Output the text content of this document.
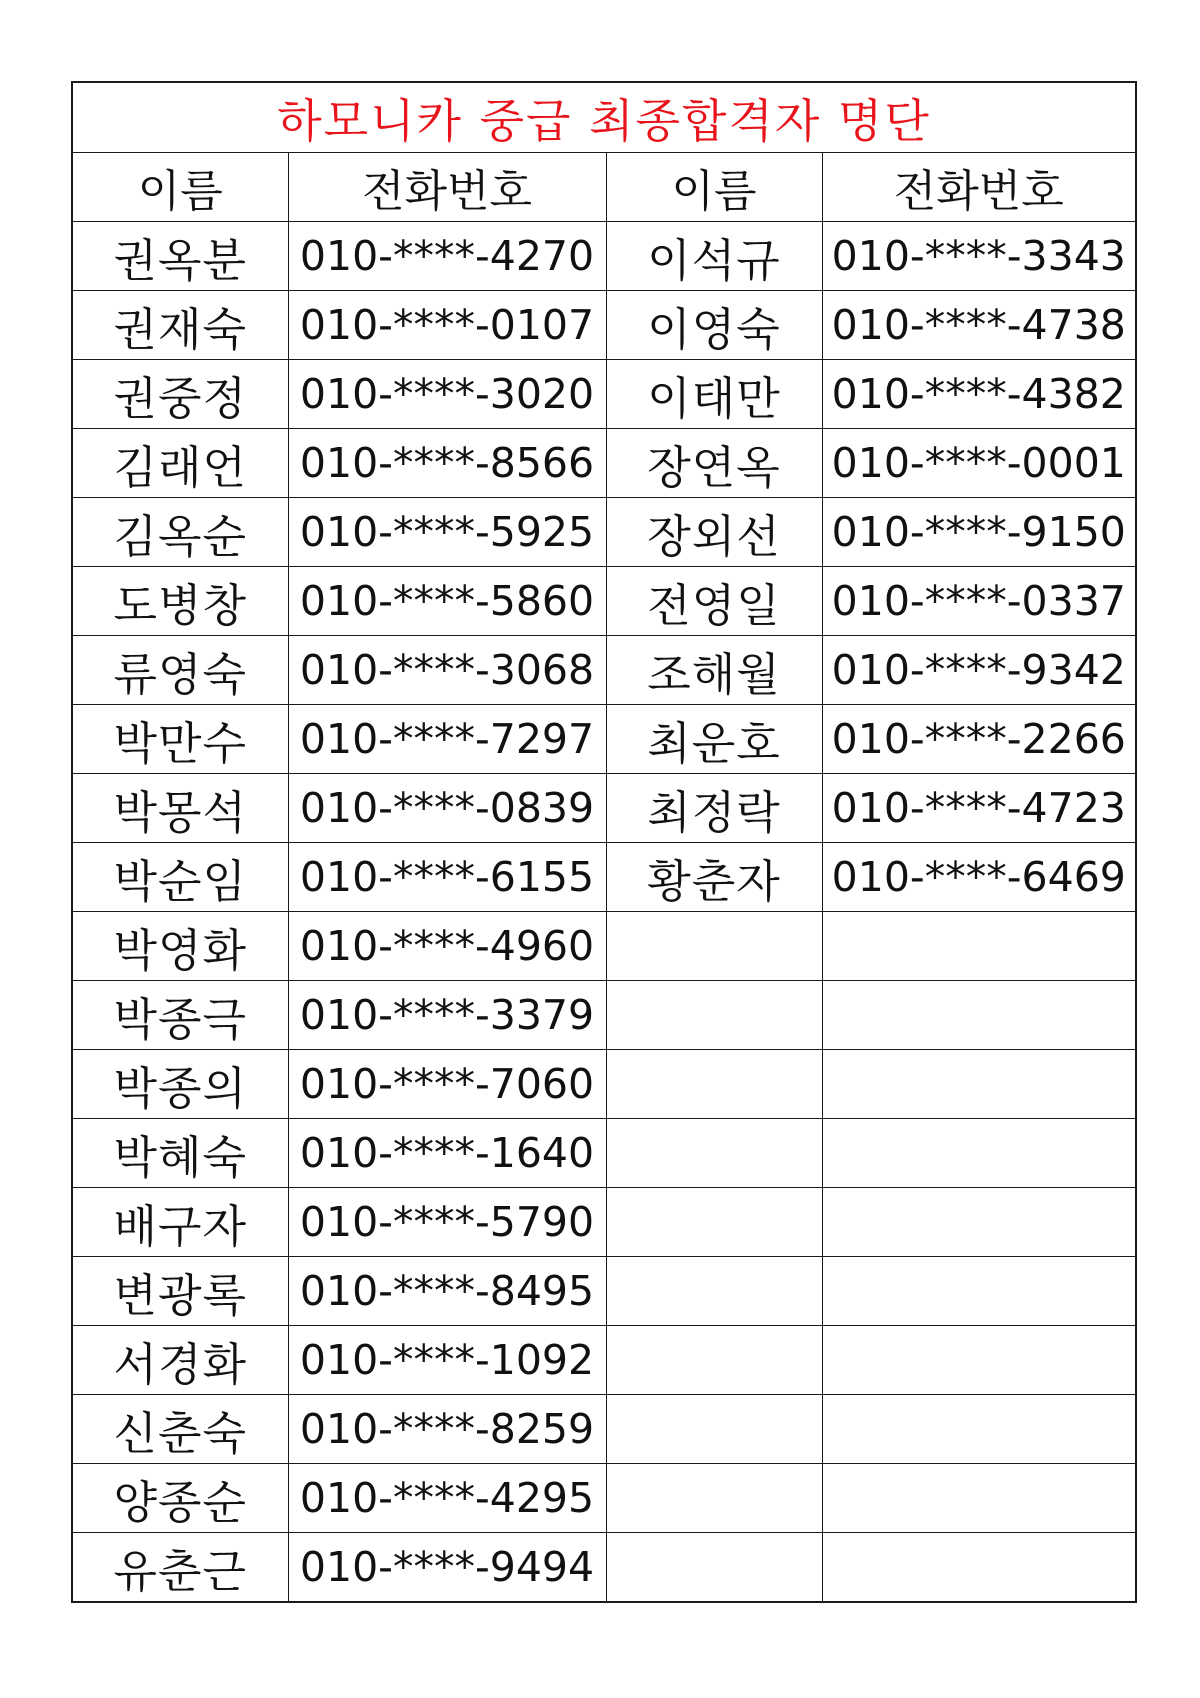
하모니카 중급 최종합격자 명단			
이름	전화번호	이름	전화번호
권옥분	010-****-4270	이석규	010-****-3343
권재숙	010-****-0107	이영숙	010-****-4738
권중정	010-****-3020	이태만	010-****-4382
김래언	010-****-8566	장연옥	010-****-0001
김옥순	010-****-5925	장외선	010-****-9150
도병창	010-****-5860	전영일	010-****-0337
류영숙	010-****-3068	조해월	010-****-9342
박만수	010-****-7297	최운호	010-****-2266
박몽석	010-****-0839	최정락	010-****-4723
박순임	010-****-6155	황춘자	010-****-6469
박영화	010-****-4960		
박종극	010-****-3379		
박종의	010-****-7060		
박혜숙	010-****-1640		
배구자	010-****-5790		
변광록	010-****-8495		
서경화	010-****-1092		
신춘숙	010-****-8259		
양종순	010-****-4295		
유춘근	010-****-9494		
